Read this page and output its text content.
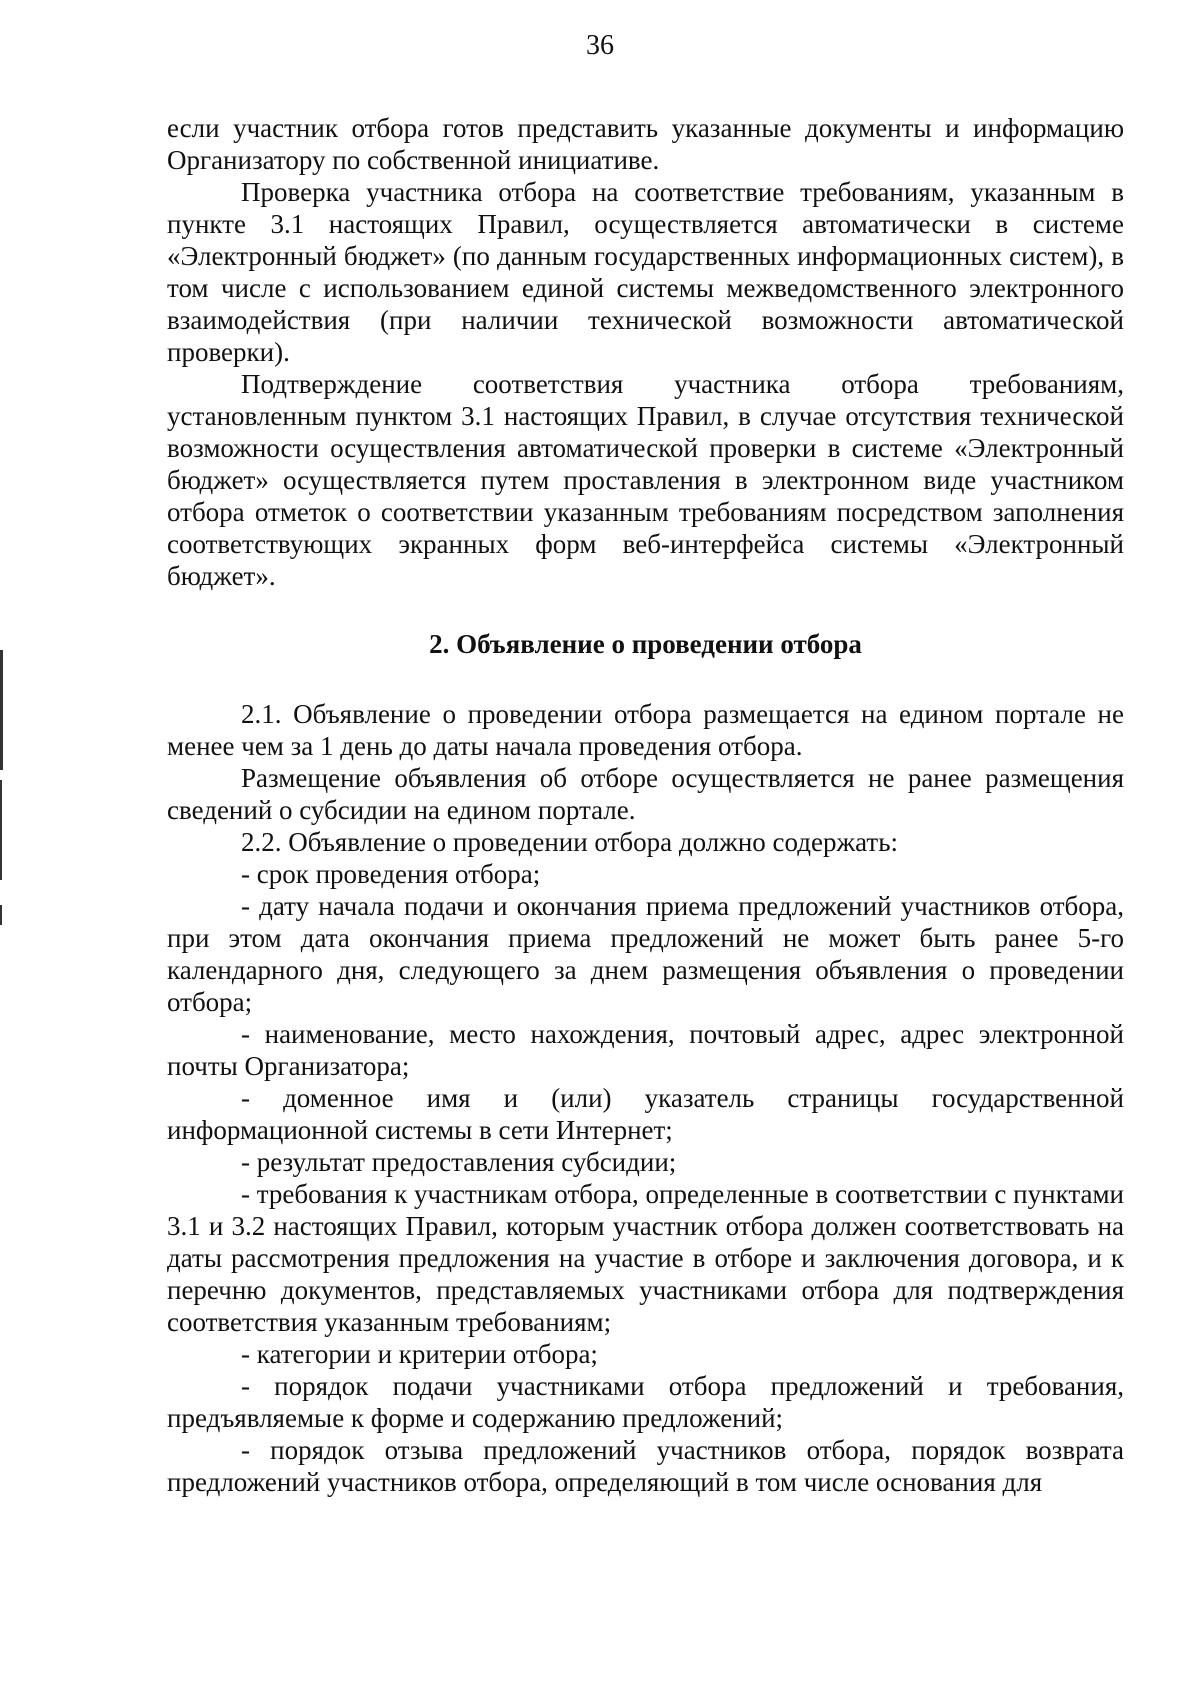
36

если участник отбора готов представить указанные документы и информацию Организатору по собственной инициативе.

Проверка участника отбора на соответствие требованиям, указанным в пункте 3.1 настоящих Правил, осуществляется автоматически в системе «Электронный бюджет» (по данным государственных информационных систем), в том числе с использованием единой системы межведомственного электронного взаимодействия (при наличии технической возможности автоматической проверки).

Подтверждение соответствия участника отбора требованиям, установленным пунктом 3.1 настоящих Правил, в случае отсутствия технической возможности осуществления автоматической проверки в системе «Электронный бюджет» осуществляется путем проставления в электронном виде участником отбора отметок о соответствии указанным требованиям посредством заполнения соответствующих экранных форм веб-интерфейса системы «Электронный бюджет».

2. Объявление о проведении отбора

2.1. Объявление о проведении отбора размещается на едином портале не менее чем за 1 день до даты начала проведения отбора.

Размещение объявления об отборе осуществляется не ранее размещения сведений о субсидии на едином портале.

2.2. Объявление о проведении отбора должно содержать:

- срок проведения отбора;

- дату начала подачи и окончания приема предложений участников отбора, при этом дата окончания приема предложений не может быть ранее 5-го календарного дня, следующего за днем размещения объявления о проведении отбора;

- наименование, место нахождения, почтовый адрес, адрес электронной почты Организатора;

- доменное имя и (или) указатель страницы государственной информационной системы в сети Интернет;

- результат предоставления субсидии;

- требования к участникам отбора, определенные в соответствии с пунктами 3.1 и 3.2 настоящих Правил, которым участник отбора должен соответствовать на даты рассмотрения предложения на участие в отборе и заключения договора, и к перечню документов, представляемых участниками отбора для подтверждения соответствия указанным требованиям;

- категории и критерии отбора;

- порядок подачи участниками отбора предложений и требования, предъявляемые к форме и содержанию предложений;

- порядок отзыва предложений участников отбора, порядок возврата предложений участников отбора, определяющий в том числе основания для
